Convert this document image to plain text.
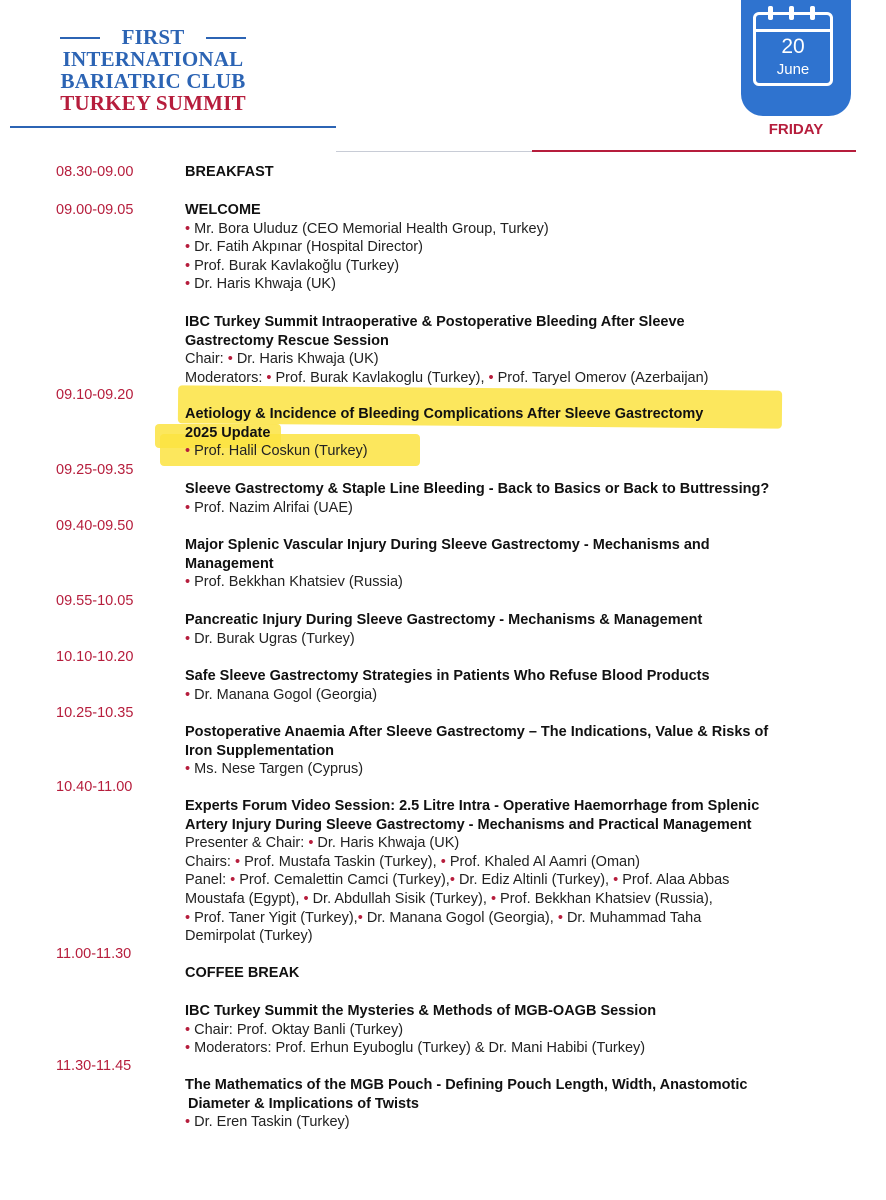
FIRST
INTERNATIONAL
BARIATRIC CLUB
TURKEY SUMMIT
20
June
FRIDAY
08.30-09.00
09.00-09.05
09.10-09.20
09.25-09.35
09.40-09.50
09.55-10.05
10.10-10.20
10.25-10.35
10.40-11.00
11.00-11.30
11.30-11.45
BREAKFAST
WELCOME
• Mr. Bora Uluduz (CEO Memorial Health Group, Turkey)
• Dr. Fatih Akpınar (Hospital Director)
• Prof. Burak Kavlakoğlu (Turkey)
• Dr. Haris Khwaja (UK)
IBC Turkey Summit Intraoperative & Postoperative Bleeding After Sleeve
Gastrectomy Rescue Session
Chair: • Dr. Haris Khwaja (UK)
Moderators: • Prof. Burak Kavlakoglu (Turkey), • Prof. Taryel Omerov (Azerbaijan)
Aetiology & Incidence of Bleeding Complications After Sleeve Gastrectomy
2025 Update
• Prof. Halil Coskun (Turkey)
Sleeve Gastrectomy & Staple Line Bleeding - Back to Basics or Back to Buttressing?
• Prof. Nazim Alrifai (UAE)
Major Splenic Vascular Injury During Sleeve Gastrectomy - Mechanisms and
Management
• Prof. Bekkhan Khatsiev (Russia)
Pancreatic Injury During Sleeve Gastrectomy - Mechanisms & Management
• Dr. Burak Ugras (Turkey)
Safe Sleeve Gastrectomy Strategies in Patients Who Refuse Blood Products
• Dr. Manana Gogol (Georgia)
Postoperative Anaemia After Sleeve Gastrectomy – The Indications, Value & Risks of
Iron Supplementation
• Ms. Nese Targen (Cyprus)
Experts Forum Video Session: 2.5 Litre Intra - Operative Haemorrhage from Splenic
Artery Injury During Sleeve Gastrectomy - Mechanisms and Practical Management
Presenter & Chair: • Dr. Haris Khwaja (UK)
Chairs: • Prof. Mustafa Taskin (Turkey), • Prof. Khaled Al Aamri (Oman)
Panel: • Prof. Cemalettin Camci (Turkey),• Dr. Ediz Altinli (Turkey), • Prof. Alaa Abbas
Moustafa (Egypt), • Dr. Abdullah Sisik (Turkey), • Prof. Bekkhan Khatsiev (Russia),
• Prof. Taner Yigit (Turkey),• Dr. Manana Gogol (Georgia), • Dr. Muhammad Taha
Demirpolat (Turkey)
COFFEE BREAK
IBC Turkey Summit the Mysteries & Methods of MGB-OAGB Session
• Chair: Prof. Oktay Banli (Turkey)
• Moderators: Prof. Erhun Eyuboglu (Turkey) & Dr. Mani Habibi (Turkey)
The Mathematics of the MGB Pouch - Defining Pouch Length, Width, Anastomotic
Diameter & Implications of Twists
• Dr. Eren Taskin (Turkey)
